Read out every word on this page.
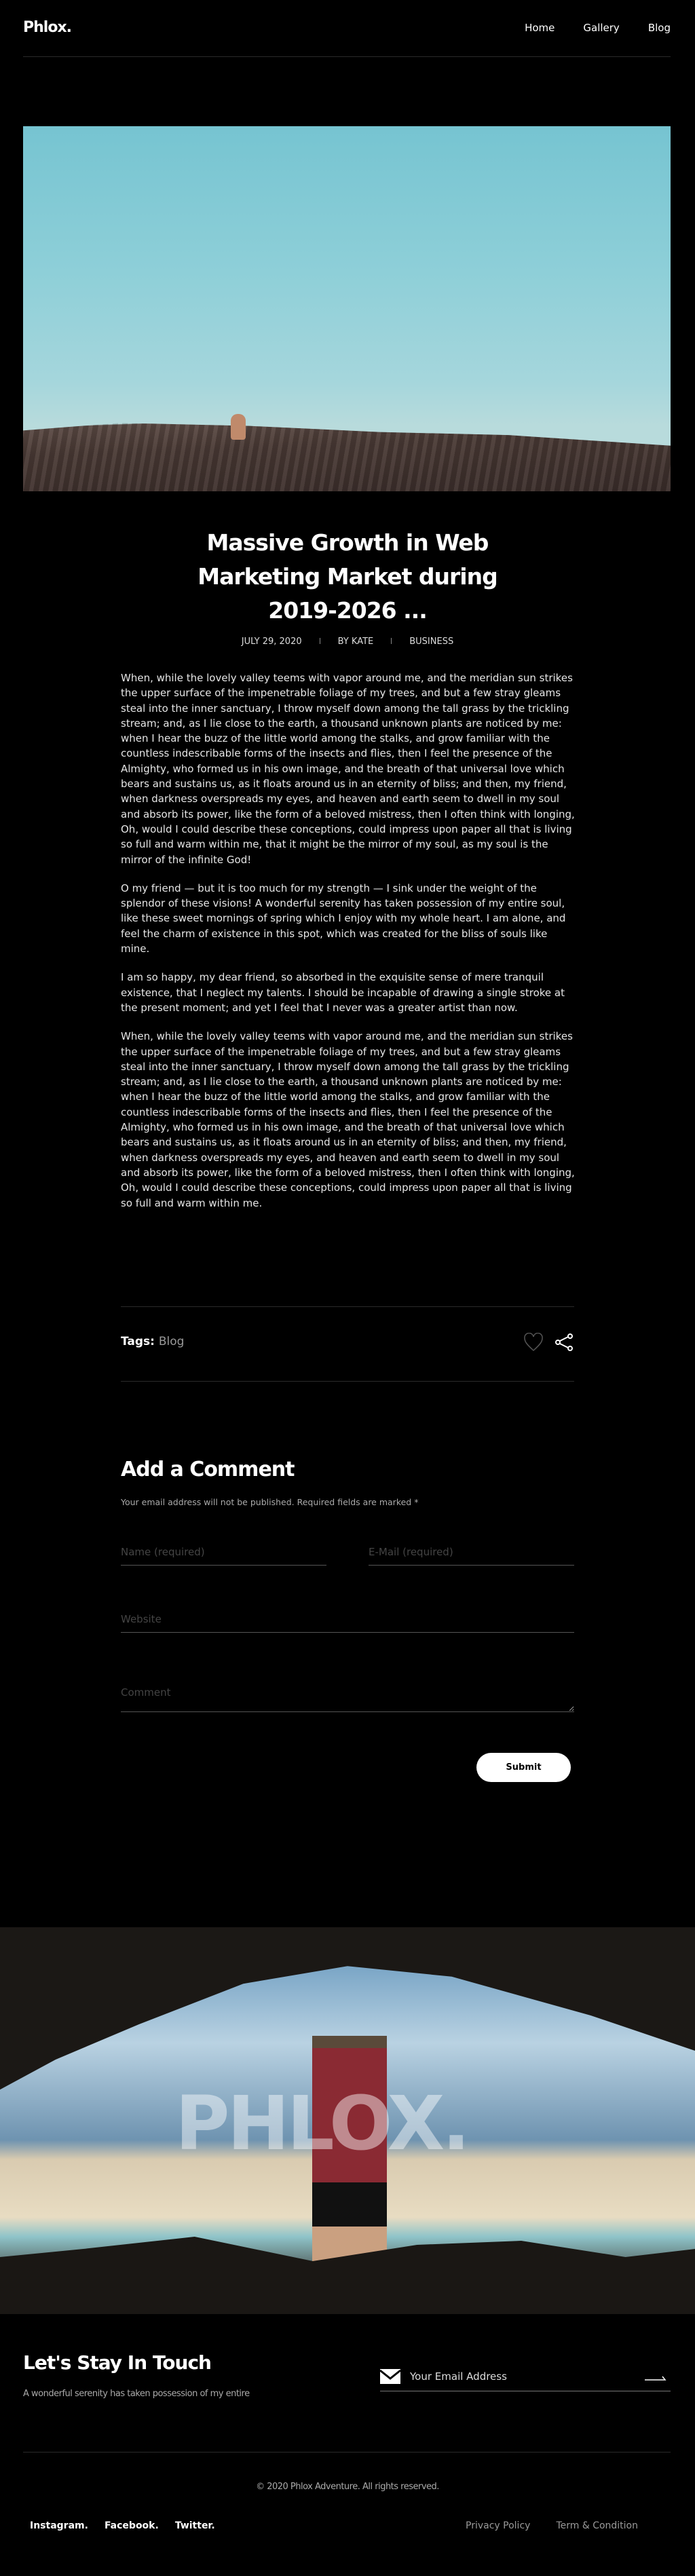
Phlox.	Home	Gallery	Blog
Massive Growth in Web Marketing Market during 2019-2026 ...
JULY 29, 2020	BY KATE	BUSINESS

When, while the lovely valley teems with vapor around me, and the meridian sun strikes the upper surface of the impenetrable foliage of my trees, and but a few stray gleams steal into the inner sanctuary, I throw myself down among the tall grass by the trickling stream; and, as I lie close to the earth, a thousand unknown plants are noticed by me: when I hear the buzz of the little world among the stalks, and grow familiar with the countless indescribable forms of the insects and flies, then I feel the presence of the Almighty, who formed us in his own image, and the breath of that universal love which bears and sustains us, as it floats around us in an eternity of bliss; and then, my friend, when darkness overspreads my eyes, and heaven and earth seem to dwell in my soul and absorb its power, like the form of a beloved mistress, then I often think with longing, Oh, would I could describe these conceptions, could impress upon paper all that is living so full and warm within me, that it might be the mirror of my soul, as my soul is the mirror of the infinite God!

O my friend — but it is too much for my strength — I sink under the weight of the splendor of these visions! A wonderful serenity has taken possession of my entire soul, like these sweet mornings of spring which I enjoy with my whole heart. I am alone, and feel the charm of existence in this spot, which was created for the bliss of souls like mine.

I am so happy, my dear friend, so absorbed in the exquisite sense of mere tranquil existence, that I neglect my talents. I should be incapable of drawing a single stroke at the present moment; and yet I feel that I never was a greater artist than now.

When, while the lovely valley teems with vapor around me, and the meridian sun strikes the upper surface of the impenetrable foliage of my trees, and but a few stray gleams steal into the inner sanctuary, I throw myself down among the tall grass by the trickling stream; and, as I lie close to the earth, a thousand unknown plants are noticed by me: when I hear the buzz of the little world among the stalks, and grow familiar with the countless indescribable forms of the insects and flies, then I feel the presence of the Almighty, who formed us in his own image, and the breath of that universal love which bears and sustains us, as it floats around us in an eternity of bliss; and then, my friend, when darkness overspreads my eyes, and heaven and earth seem to dwell in my soul and absorb its power, like the form of a beloved mistress, then I often think with longing, Oh, would I could describe these conceptions, could impress upon paper all that is living so full and warm within me.

Tags: Blog
Add a Comment
Your email address will not be published. Required fields are marked *
Name (required)
E-Mail (required)
Website
Comment
Submit
PHLOX.
Let's Stay In Touch
A wonderful serenity has taken possession of my entire
Your Email Address
© 2020 Phlox Adventure. All rights reserved.
Instagram. Facebook. Twitter.	Privacy Policy	Term & Condition
